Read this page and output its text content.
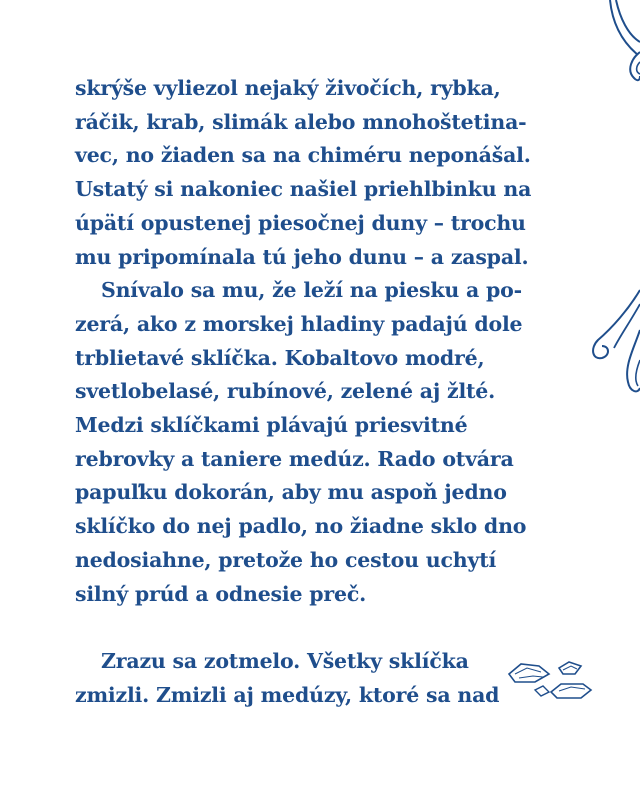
skrýše vyliezol nejaký živočích, rybka,
ráčik, krab, slimák alebo mnohoštetina-
vec, no žiaden sa na chiméru neponášal.
Ustatý si nakoniec našiel priehlbinku na
úpätí opustenej piesočnej duny – trochu
mu pripomínala tú jeho dunu – a zaspal.
Snívalo sa mu, že leží na piesku a po-
zerá, ako z morskej hladiny padajú dole
trblietavé sklíčka. Kobaltovo modré,
svetlobelasé, rubínové, zelené aj žlté.
Medzi sklíčkami plávajú priesvitné
rebrovky a taniere medúz. Rado otvára
papuľku dokorán, aby mu aspoň jedno
sklíčko do nej padlo, no žiadne sklo dno
nedosiahne, pretože ho cestou uchytí
silný prúd a odnesie preč.
Zrazu sa zotmelo. Všetky sklíčka
zmizli. Zmizli aj medúzy, ktoré sa nad
